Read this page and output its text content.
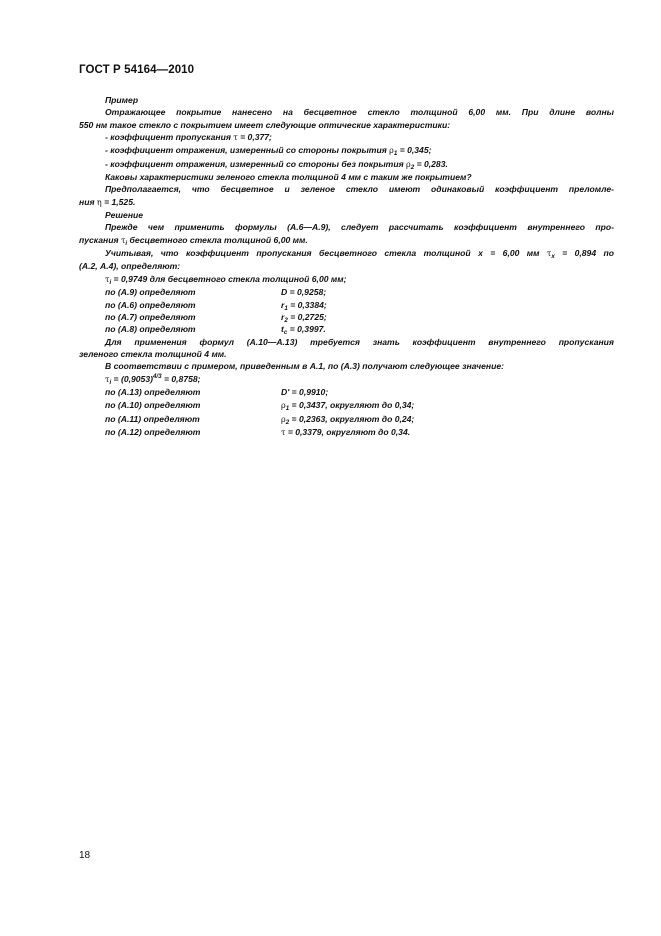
ГОСТ Р 54164—2010

Пример

Отражающее покрытие нанесено на бесцветное стекло толщиной 6,00 мм. При длине волны

550 нм такое стекло с покрытием имеет следующие оптические характеристики:

- коэффициент пропускания τ = 0,377;

- коэффициент отражения, измеренный со стороны покрытия $\rho_1 = 0,345$;

- коэффициент отражения, измеренный со стороны без покрытия $\rho_2 = 0,283$.

Каковы характеристики зеленого стекла толщиной 4 мм с таким же покрытием?

Предполагается, что бесцветное и зеленое стекло имеют одинаковый коэффициент преломле-

ния η = 1,525.

Решение

Прежде чем применить формулы (А.6—А.9), следует рассчитать коэффициент внутреннего про-

пускания $\tau_i$ бесцветного стекла толщиной 6,00 мм.

Учитывая, что коэффициент пропускания бесцветного стекла толщиной x = 6,00 мм $\tau_x = 0,894$ по

(А.2, А.4), определяют:

$\tau_i = 0,9749$ для бесцветного стекла толщиной 6,00 мм;

по (А.9) определяют	D = 0,9258;
по (А.6) определяют	$r_1 = 0,3384$;
по (А.7) определяют	$r_2 = 0,2725$;
по (А.8) определяют	$t_c = 0,3997$.

Для применения формул (А.10—А.13) требуется знать коэффициент внутреннего пропускания

зеленого стекла толщиной 4 мм.

В соответствии с примером, приведенным в А.1, по (А.3) получают следующее значение:

$\tau_i = (0,9053)^{4/3} = 0,8758$;

по (А.13) определяют	D' = 0,9910;
по (А.10) определяют	$\rho_1 = 0,3437$, округляют до 0,34;
по (А.11) определяют	$\rho_2 = 0,2363$, округляют до 0,24;
по (А.12) определяют	τ = 0,3379, округляют до 0,34.
18
